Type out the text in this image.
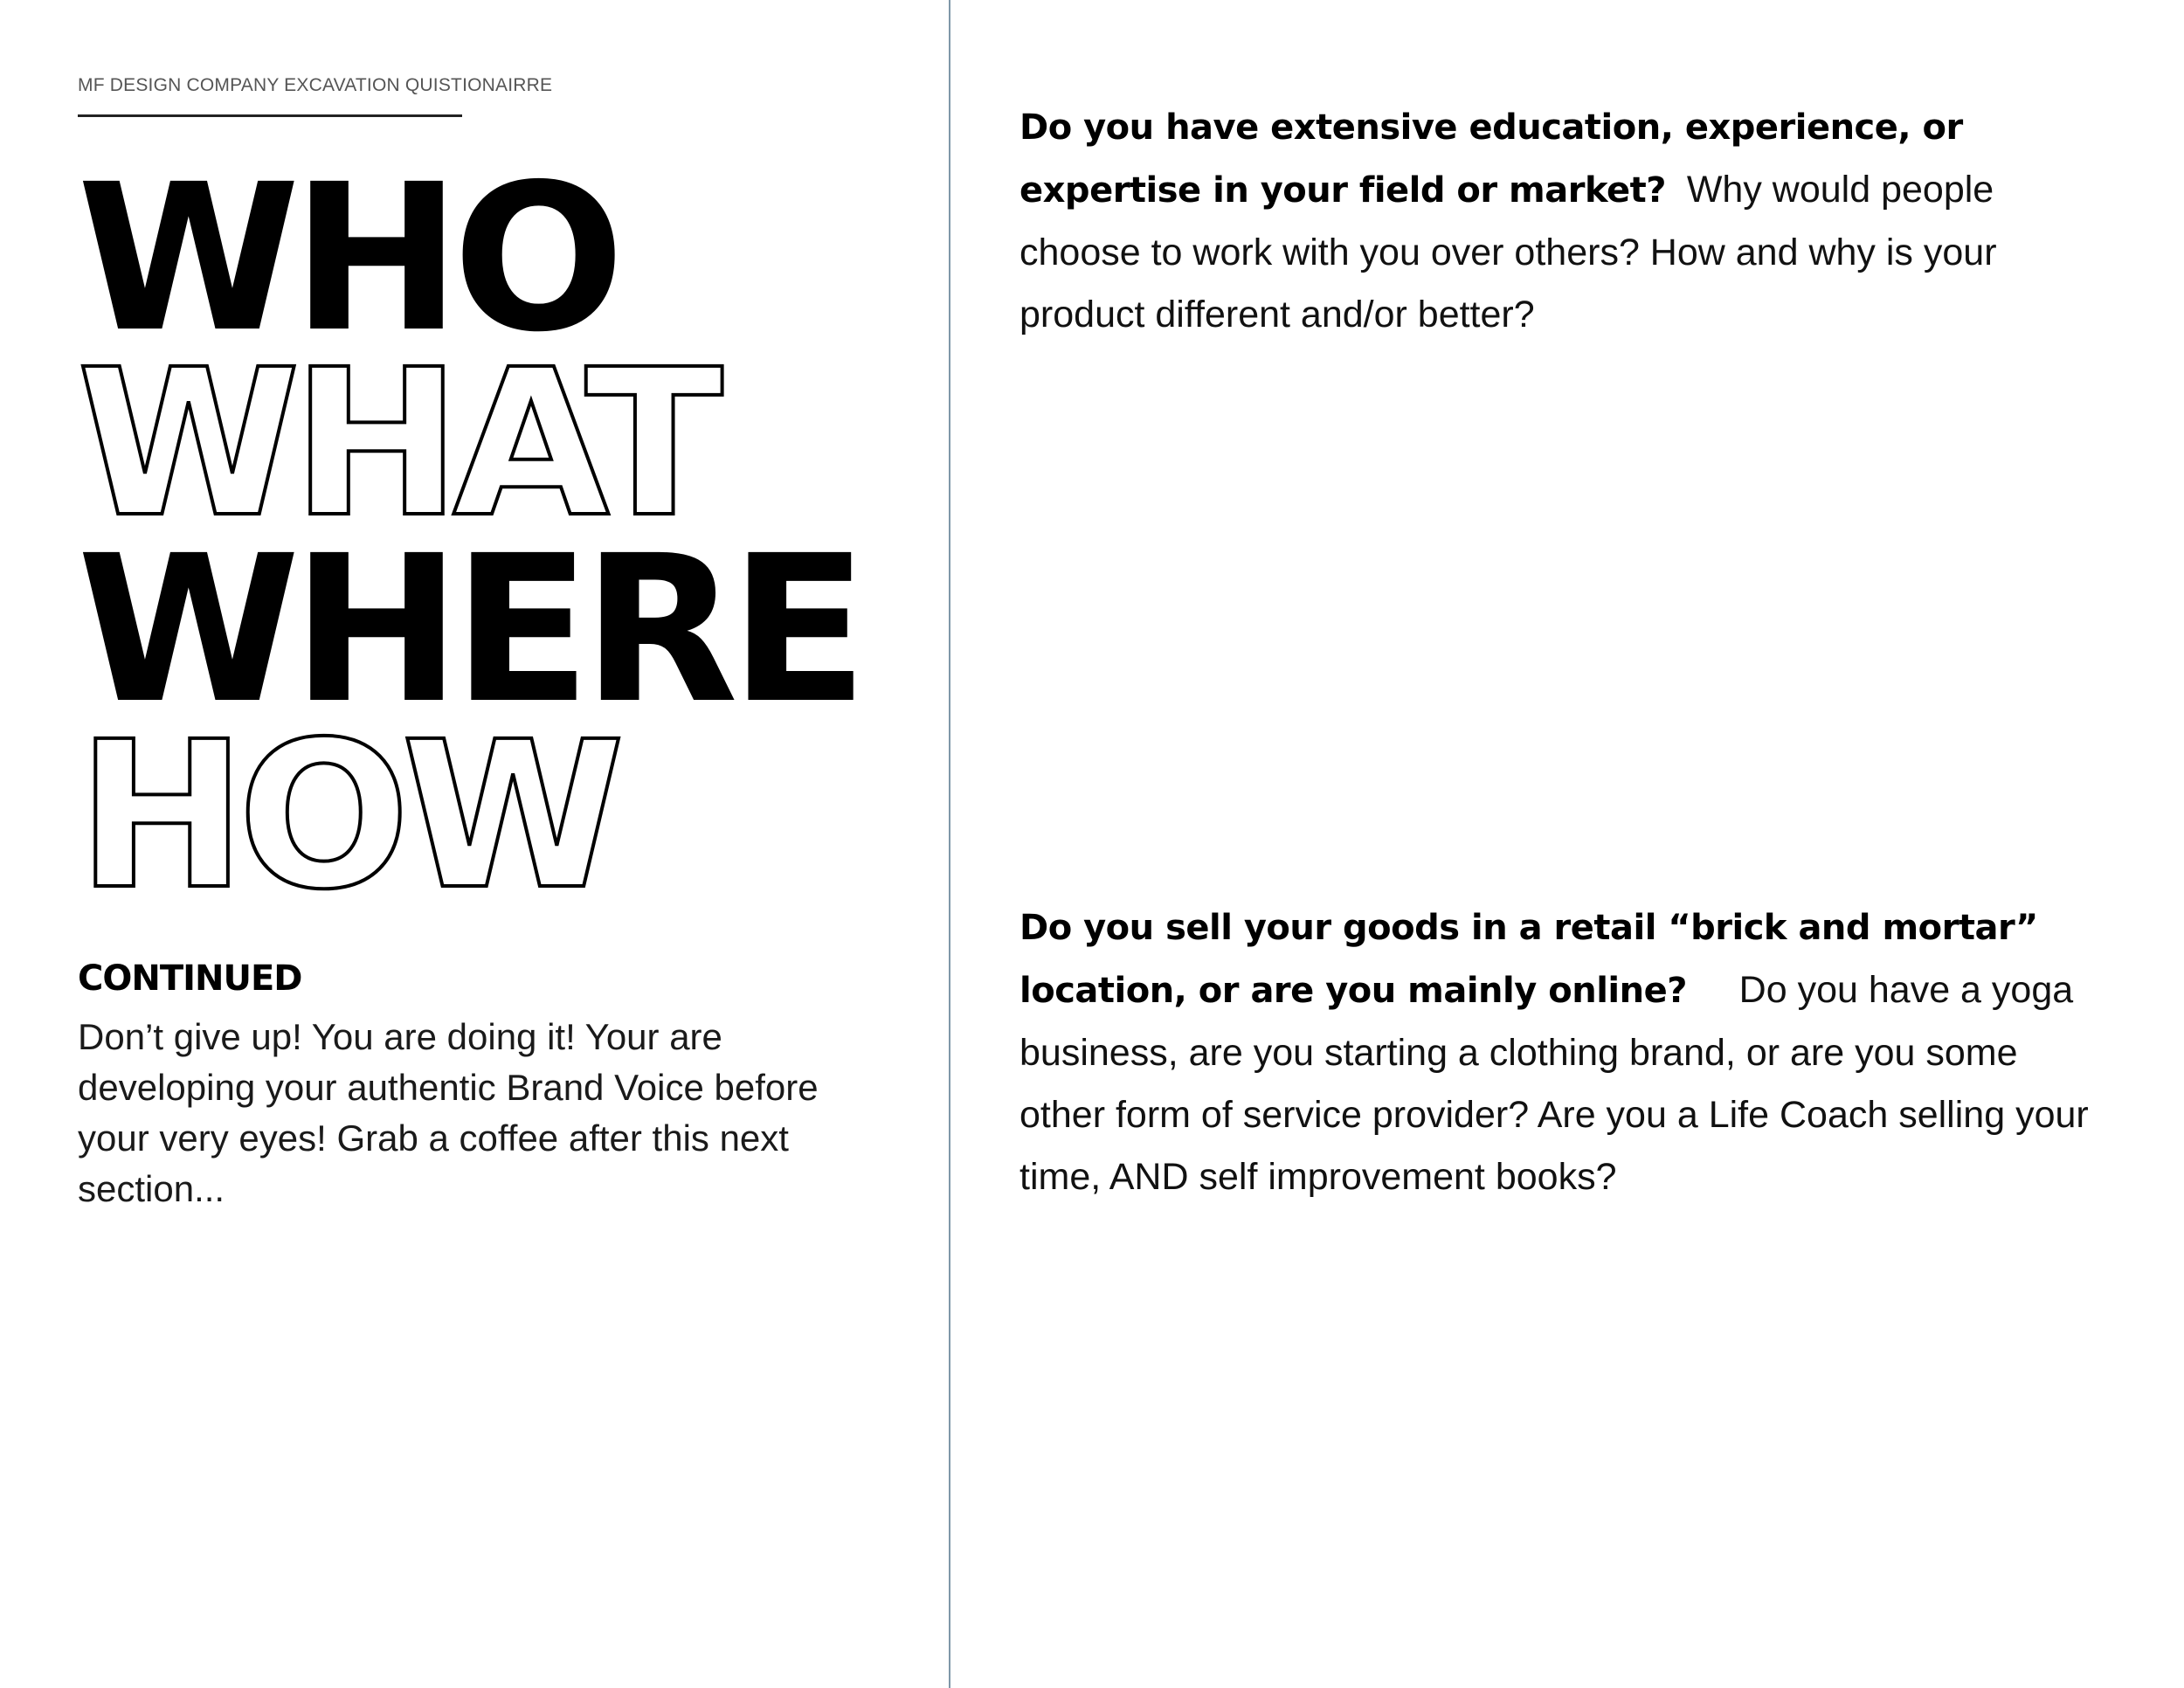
MF DESIGN COMPANY EXCAVATION QUISTIONAIRRE
WHO
WHAT
WHERE
HOW
CONTINUED
Don’t give up! You are doing it! Your are developing your authentic Brand Voice before your very eyes! Grab a coffee after this next section...
Do you have extensive education, experience, or expertise in your field or market? Why would people choose to work with you over others? How and why is your product different and/or better?
Do you sell your goods in a retail “brick and mortar” location, or are you mainly online? Do you have a yoga business, are you starting a clothing brand, or are you some other form of service provider? Are you a Life Coach selling your time, AND self improvement books?
